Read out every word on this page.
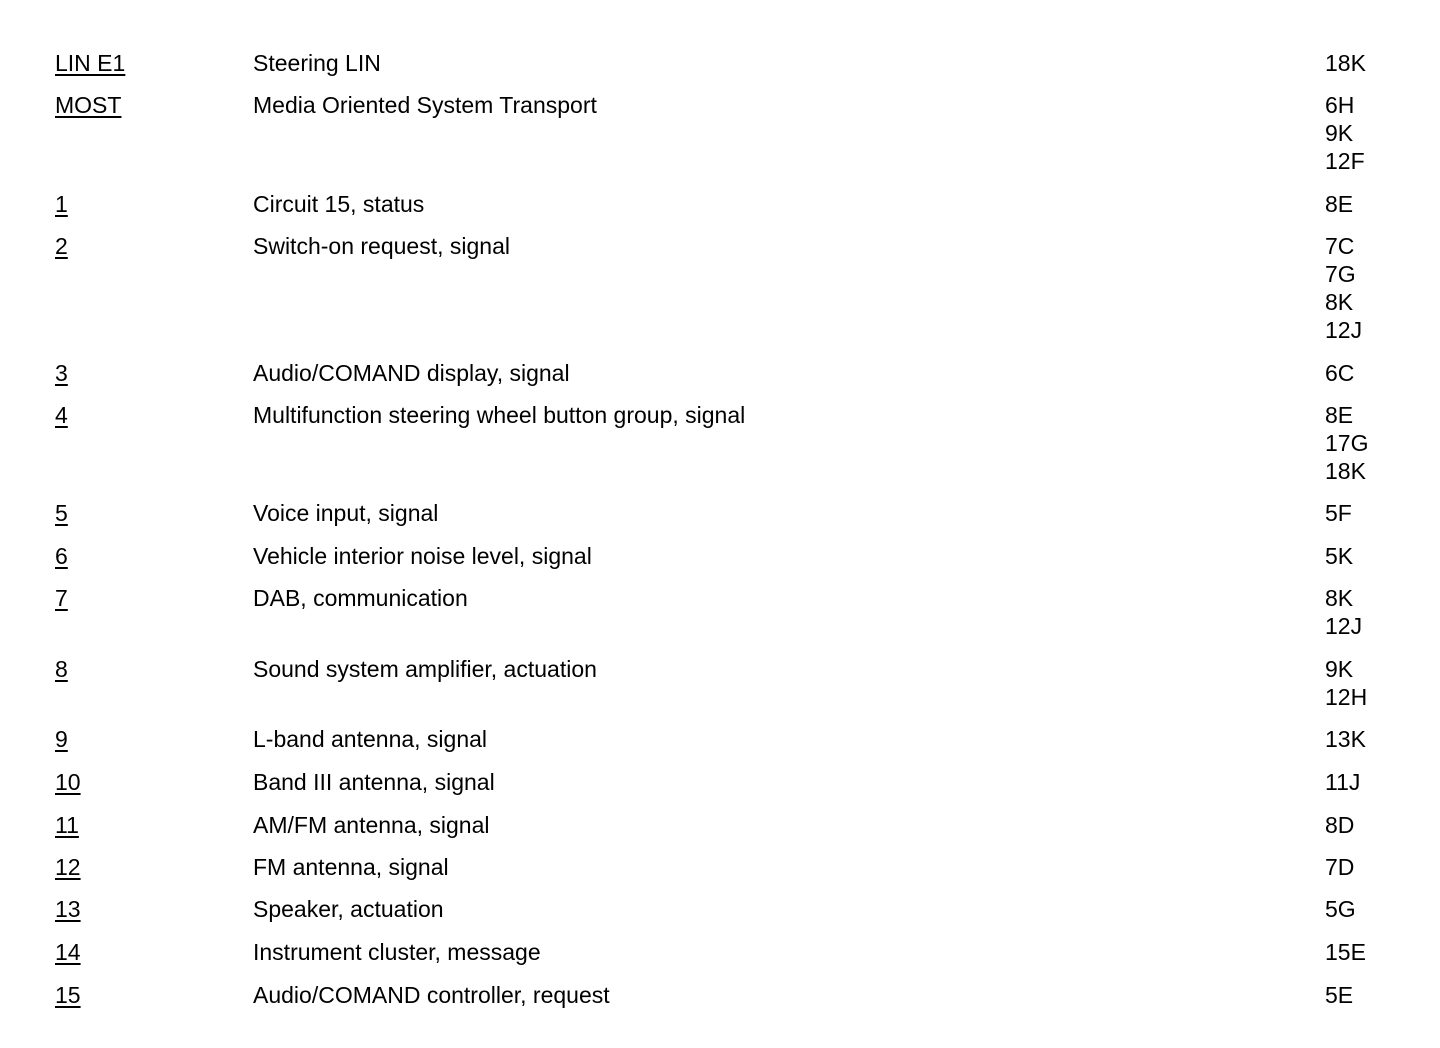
LIN E1	Steering LIN	18K
MOST	Media Oriented System Transport	6H
9K
12F
1	Circuit 15, status	8E
2	Switch-on request, signal	7C
7G
8K
12J
3	Audio/COMAND display, signal	6C
4	Multifunction steering wheel button group, signal	8E
17G
18K
5	Voice input, signal	5F
6	Vehicle interior noise level, signal	5K
7	DAB, communication	8K
12J
8	Sound system amplifier, actuation	9K
12H
9	L-band antenna, signal	13K
10	Band III antenna, signal	11J
11	AM/FM antenna, signal	8D
12	FM antenna, signal	7D
13	Speaker, actuation	5G
14	Instrument cluster, message	15E
15	Audio/COMAND controller, request	5E
